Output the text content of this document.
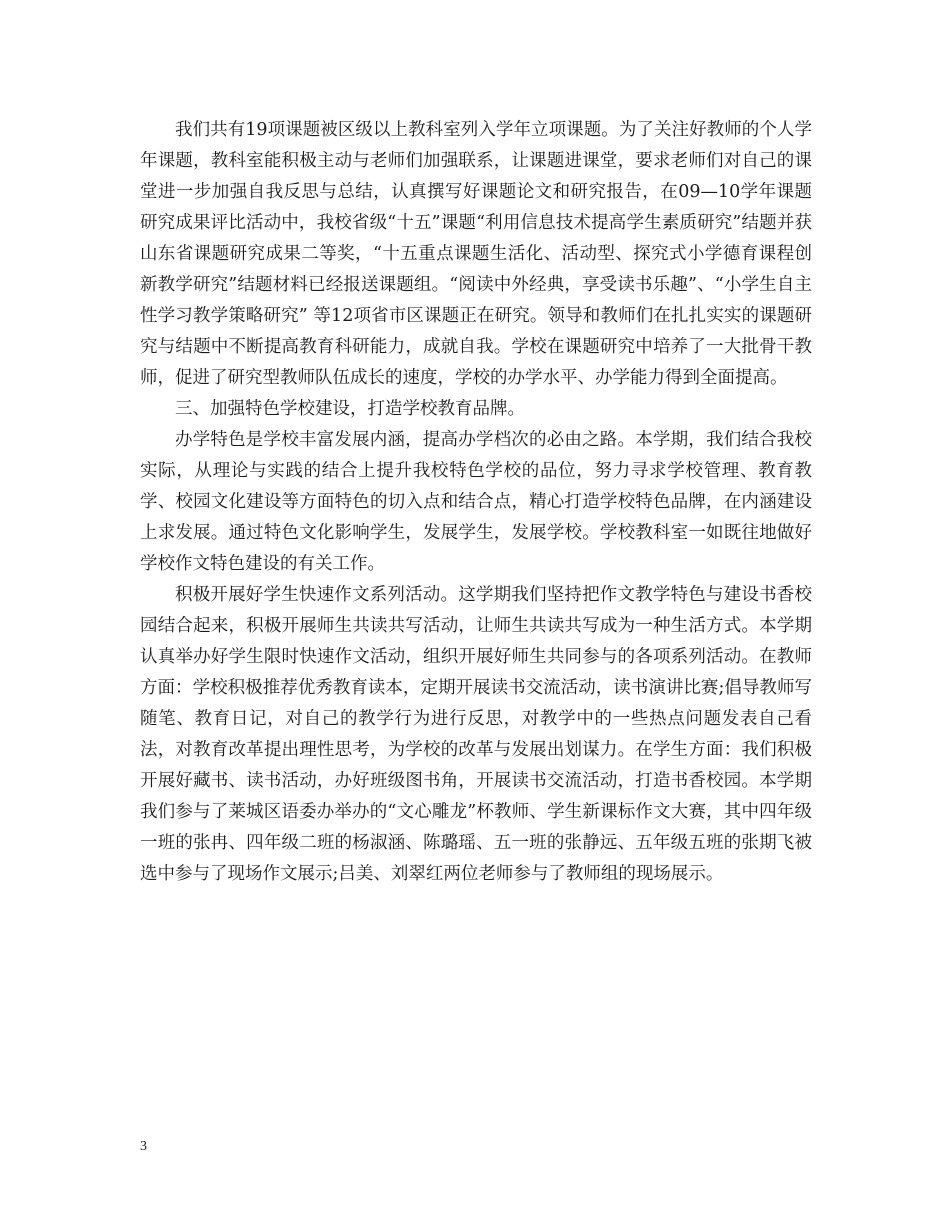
我们共有19项课题被区级以上教科室列入学年立项课题。为了关注好教师的个人学年课题，教科室能积极主动与老师们加强联系，让课题进课堂，要求老师们对自己的课堂进一步加强自我反思与总结，认真撰写好课题论文和研究报告，在09—10学年课题研究成果评比活动中，我校省级“十五”课题“利用信息技术提高学生素质研究”结题并获山东省课题研究成果二等奖，“十五重点课题生活化、活动型、探究式小学德育课程创新教学研究”结题材料已经报送课题组。“阅读中外经典，享受读书乐趣”、“小学生自主性学习教学策略研究” 等12项省市区课题正在研究。领导和教师们在扎扎实实的课题研究与结题中不断提高教育科研能力，成就自我。学校在课题研究中培养了一大批骨干教师，促进了研究型教师队伍成长的速度，学校的办学水平、办学能力得到全面提高。

三、加强特色学校建设，打造学校教育品牌。

办学特色是学校丰富发展内涵，提高办学档次的必由之路。本学期，我们结合我校实际，从理论与实践的结合上提升我校特色学校的品位，努力寻求学校管理、教育教学、校园文化建设等方面特色的切入点和结合点，精心打造学校特色品牌，在内涵建设上求发展。通过特色文化影响学生，发展学生，发展学校。学校教科室一如既往地做好学校作文特色建设的有关工作。

积极开展好学生快速作文系列活动。这学期我们坚持把作文教学特色与建设书香校园结合起来，积极开展师生共读共写活动，让师生共读共写成为一种生活方式。本学期认真举办好学生限时快速作文活动，组织开展好师生共同参与的各项系列活动。在教师方面：学校积极推荐优秀教育读本，定期开展读书交流活动，读书演讲比赛;倡导教师写随笔、教育日记，对自己的教学行为进行反思，对教学中的一些热点问题发表自己看法，对教育改革提出理性思考，为学校的改革与发展出划谋力。在学生方面：我们积极开展好藏书、读书活动，办好班级图书角，开展读书交流活动，打造书香校园。本学期我们参与了莱城区语委办举办的“文心雕龙”杯教师、学生新课标作文大赛，其中四年级一班的张冉、四年级二班的杨淑涵、陈璐瑶、五一班的张静远、五年级五班的张期飞被选中参与了现场作文展示;吕美、刘翠红两位老师参与了教师组的现场展示。

3
